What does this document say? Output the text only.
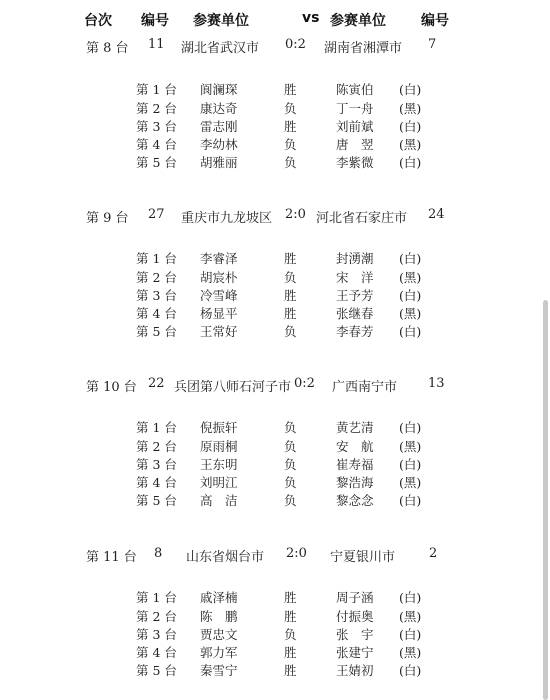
台次 编号 参赛单位	vs 参赛单位	编号
第 8 台 11 湖北省武汉市 0:2 湖南省湘潭市 7
第 1 台 阆澜琛	胜	陈寅伯 (白)
第 2 台 康达奇	负	丁一舟 (黑)
第 3 台 雷志刚	胜	刘前斌 (白)
第 4 台 李幼林	负	唐　翌 (黑)
第 5 台 胡雅丽	负	李紫微 (白)
第 9 台 27 重庆市九龙坡区 2:0 河北省石家庄市 24
第 1 台 李睿泽	胜	封湧潮 (白)
第 2 台 胡宸朴	负	宋　洋 (黑)
第 3 台 冷雪峰	胜	王予芳 (白)
第 4 台 杨显平	胜	张继春 (黑)
第 5 台 王常好	负	李春芳 (白)
第 10 台 22 兵团第八师石河子市 0:2 广西南宁市 13
第 1 台 倪振轩	负	黄艺清 (白)
第 2 台 原雨桐	负	安　航 (黑)
第 3 台 王东明	负	崔寿福 (白)
第 4 台 刘明江	负	黎浩海 (黑)
第 5 台 高　洁	负	黎念念 (白)
第 11 台 8 山东省烟台市 2:0 宁夏银川市	2
第 1 台 戚泽楠	胜	周子涵 (白)
第 2 台 陈　鹏	胜	付振奥 (黑)
第 3 台 贾忠文	负	张　宇 (白)
第 4 台 郭力军	胜	张建宁 (黑)
第 5 台 秦雪宁	胜	王婧初 (白)
